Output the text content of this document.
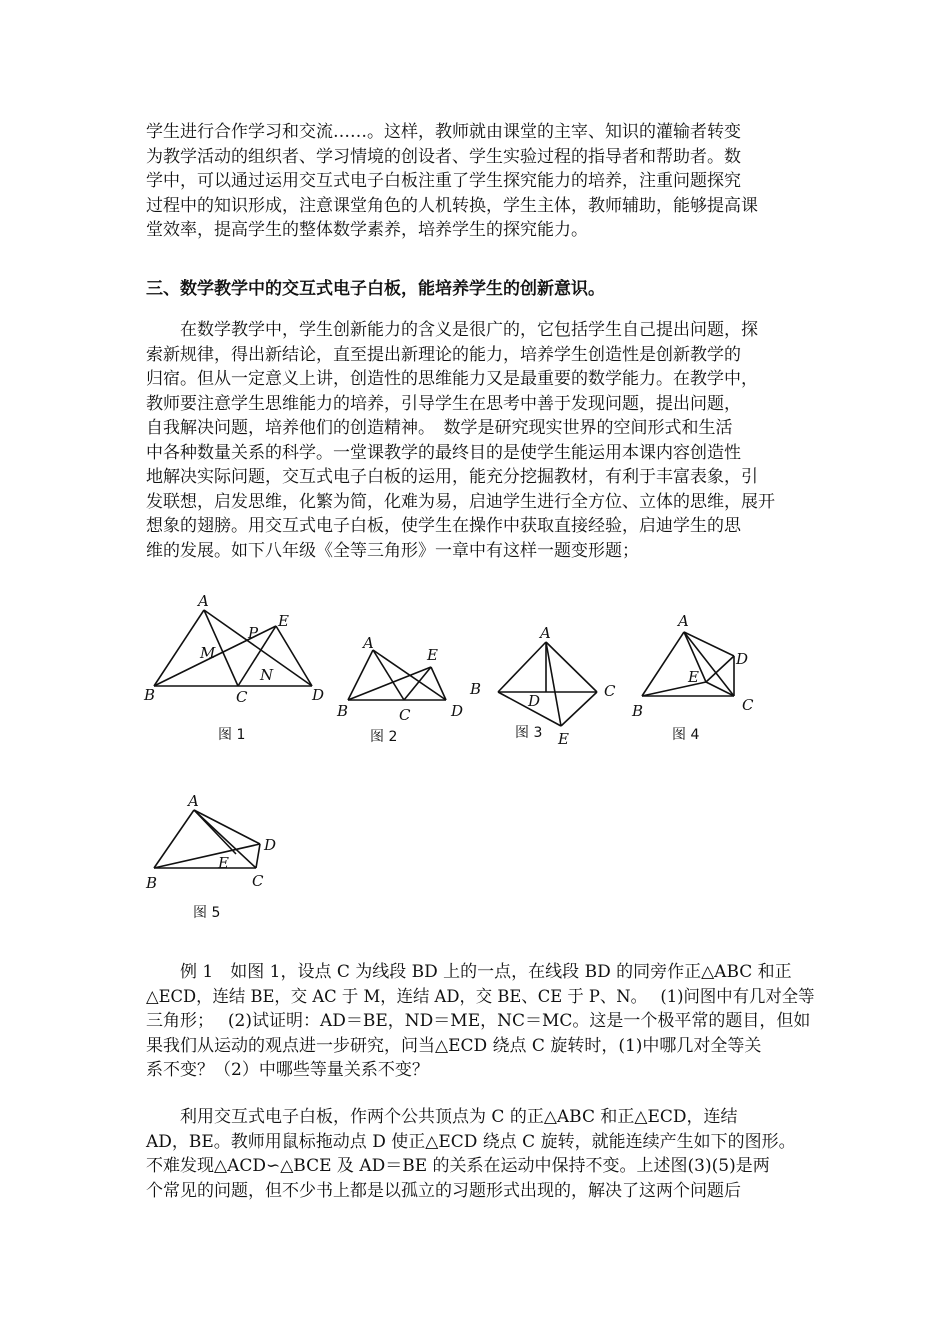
学生进行合作学习和交流……。这样，教师就由课堂的主宰、知识的灌输者转变
为教学活动的组织者、学习情境的创设者、学生实验过程的指导者和帮助者。数
学中，可以通过运用交互式电子白板注重了学生探究能力的培养，注重问题探究
过程中的知识形成，注意课堂角色的人机转换，学生主体，教师辅助，能够提高课
堂效率，提高学生的整体数学素养，培养学生的探究能力。
三、数学教学中的交互式电子白板，能培养学生的创新意识。
在数学教学中，学生创新能力的含义是很广的，它包括学生自己提出问题，探
索新规律，得出新结论，直至提出新理论的能力，培养学生创造性是创新教学的
归宿。但从一定意义上讲，创造性的思维能力又是最重要的数学能力。在教学中，
教师要注意学生思维能力的培养，引导学生在思考中善于发现问题，提出问题，
自我解决问题，培养他们的创造精神。　数学是研究现实世界的空间形式和生活
中各种数量关系的科学。一堂课教学的最终目的是使学生能运用本课内容创造性
地解决实际问题，交互式电子白板的运用，能充分挖掘教材，有利于丰富表象，引
发联想，启发思维，化繁为简，化难为易，启迪学生进行全方位、立体的思维，展开
想象的翅膀。用交互式电子白板，使学生在操作中获取直接经验，启迪学生的思
维的发展。如下八年级《全等三角形》一章中有这样一题变形题；
A
B	C	D
E
M
N
P
图 1
A
B	C	D
E
图 2
A
B	C
D
E
图 3
A
B	C
D
E
图 4
A
B	C
D
E
图 5
例 1　如图 1，设点 C 为线段 BD 上的一点，在线段 BD 的同旁作正△ABC 和正
△ECD，连结 BE，交 AC 于 M，连结 AD，交 BE、CE 于 P、N。　 (1)问图中有几对全等
三角形；　 (2)试证明：AD＝BE，ND＝ME，NC＝MC。这是一个极平常的题目，但如
果我们从运动的观点进一步研究，问当△ECD 绕点 C 旋转时，(1)中哪几对全等关
系不变？（2）中哪些等量关系不变？
利用交互式电子白板，作两个公共顶点为 C 的正△ABC 和正△ECD，连结
AD，BE。教师用鼠标拖动点 D 使正△ECD 绕点 C 旋转，就能连续产生如下的图形。
不难发现△ACD∽△BCE 及 AD＝BE 的关系在运动中保持不变。上述图(3)(5)是两
个常见的问题，但不少书上都是以孤立的习题形式出现的，解决了这两个问题后
